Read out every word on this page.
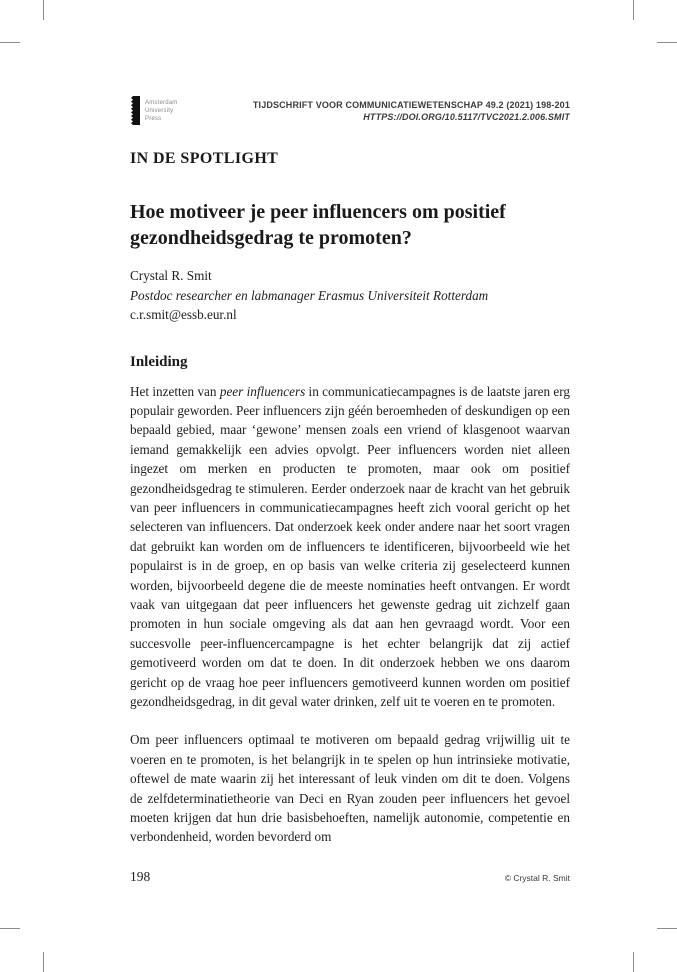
Amsterdam
University
Press
TIJDSCHRIFT VOOR COMMUNICATIEWETENSCHAP 49.2 (2021) 198-201
HTTPS://DOI.ORG/10.5117/TVC2021.2.006.SMIT
IN DE SPOTLIGHT
Hoe motiveer je peer influencers om positief
gezondheidsgedrag te promoten?
Crystal R. Smit
Postdoc researcher en labmanager Erasmus Universiteit Rotterdam
c.r.smit@essb.eur.nl
Inleiding

Het inzetten van peer influencers in communicatiecampagnes is de laatste jaren erg populair geworden. Peer influencers zijn géén beroemheden of deskundigen op een bepaald gebied, maar ‘gewone’ mensen zoals een vriend of klasgenoot waarvan iemand gemakkelijk een advies opvolgt. Peer influencers worden niet alleen ingezet om merken en producten te promoten, maar ook om positief gezondheidsgedrag te stimuleren. Eerder onderzoek naar de kracht van het gebruik van peer influencers in communicatiecampagnes heeft zich vooral gericht op het selecteren van influencers. Dat onderzoek keek onder andere naar het soort vragen dat gebruikt kan worden om de influencers te identificeren, bijvoorbeeld wie het populairst is in de groep, en op basis van welke criteria zij geselecteerd kunnen worden, bijvoorbeeld degene die de meeste nominaties heeft ontvangen. Er wordt vaak van uitgegaan dat peer influencers het gewenste gedrag uit zichzelf gaan promoten in hun sociale omgeving als dat aan hen gevraagd wordt. Voor een succesvolle peer-influencercampagne is het echter belangrijk dat zij actief gemotiveerd worden om dat te doen. In dit onderzoek hebben we ons daarom gericht op de vraag hoe peer influencers gemotiveerd kunnen worden om positief gezondheidsgedrag, in dit geval water drinken, zelf uit te voeren en te promoten.

Om peer influencers optimaal te motiveren om bepaald gedrag vrijwillig uit te voeren en te promoten, is het belangrijk in te spelen op hun intrinsieke motivatie, oftewel de mate waarin zij het interessant of leuk vinden om dit te doen. Volgens de zelfdeterminatietheorie van Deci en Ryan zouden peer influencers het gevoel moeten krijgen dat hun drie basisbehoeften, namelijk autonomie, competentie en verbondenheid, worden bevorderd om

198	© Crystal R. Smit
